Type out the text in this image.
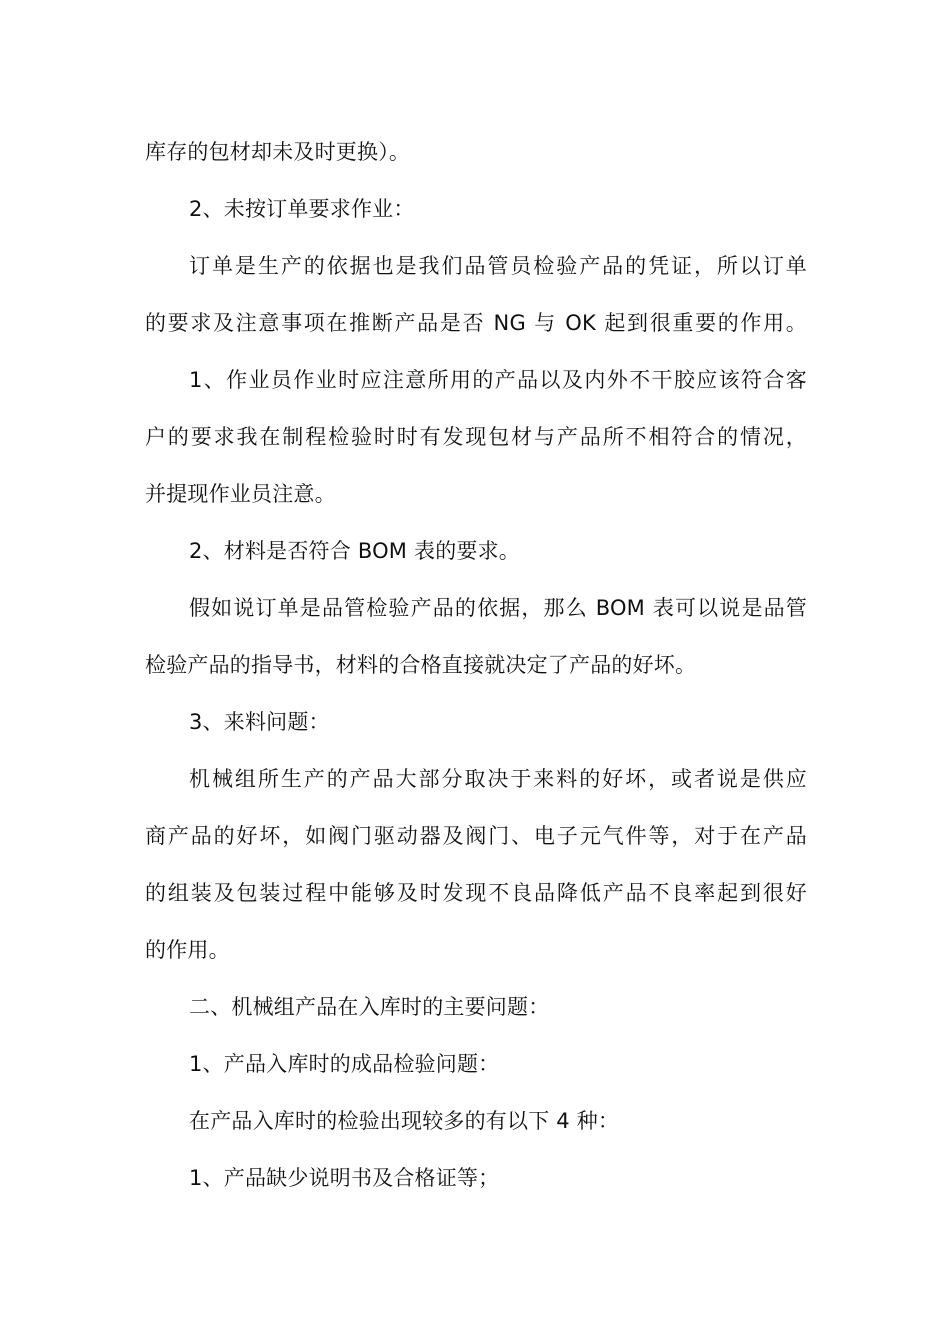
库存的包材却未及时更换）。
2、未按订单要求作业：
订单是生产的依据也是我们品管员检验产品的凭证，所以订单
的要求及注意事项在推断产品是否 NG 与 OK 起到很重要的作用。
1、作业员作业时应注意所用的产品以及内外不干胶应该符合客
户的要求我在制程检验时时有发现包材与产品所不相符合的情况，
并提现作业员注意。
2、材料是否符合 BOM 表的要求。
假如说订单是品管检验产品的依据，那么 BOM 表可以说是品管
检验产品的指导书，材料的合格直接就决定了产品的好坏。
3、来料问题：
机械组所生产的产品大部分取决于来料的好坏，或者说是供应
商产品的好坏，如阀门驱动器及阀门、电子元气件等，对于在产品
的组装及包装过程中能够及时发现不良品降低产品不良率起到很好
的作用。
二、机械组产品在入库时的主要问题：
1、产品入库时的成品检验问题：
在产品入库时的检验出现较多的有以下 4 种：
1、产品缺少说明书及合格证等；
